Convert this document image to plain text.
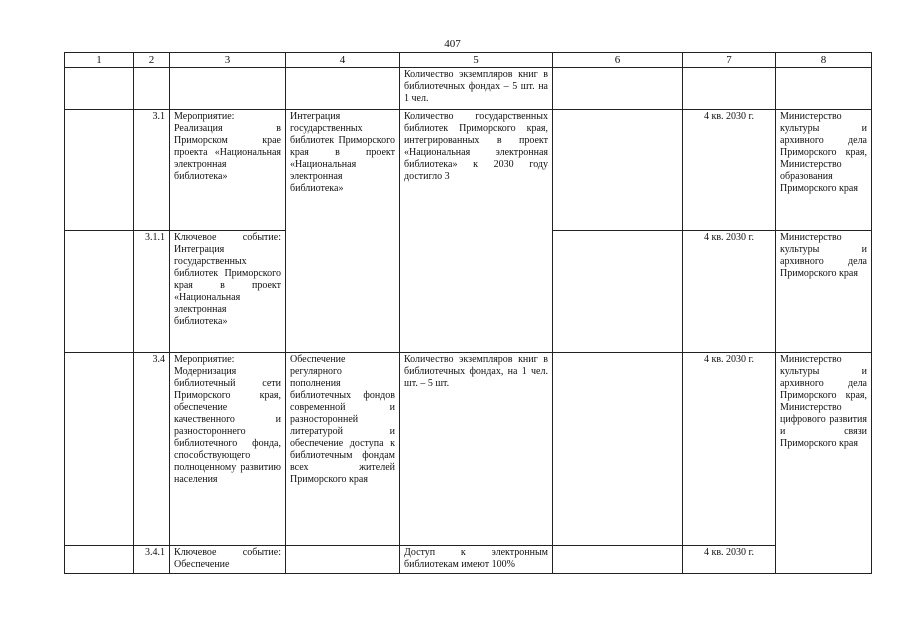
407
1	2	3	4	5	6	7	8
				Количество экземпляров книг в библиотечных фондах – 5 шт. на 1 чел.			
	3.1	Мероприятие: Реализация в Приморском крае проекта «Национальная электронная библиотека»	Интеграция государственных библиотек Приморского края в проект «Национальная электронная библиотека»	Количество государственных библиотек Приморского края, интегрированных в проект «Национальная электронная библиотека» к 2030 году достигло 3		4 кв. 2030 г.	Министерство культуры и архивного дела Приморского края, Министерство образования Приморского края
	3.1.1	Ключевое событие: Интеграция государственных библиотек Приморского края в проект «Национальная электронная библиотека»				4 кв. 2030 г.	Министерство культуры и архивного дела Приморского края
	3.4	Мероприятие: Модернизация библиотечный сети Приморского края, обеспечение качественного и разностороннего библиотечного фонда, способствующего полноценному развитию населения	Обеспечение регулярного пополнения библиотечных фондов современной и разносторонней литературой и обеспечение доступа к библиотечным фондам всех жителей Приморского края	Количество экземпляров книг в библиотечных фондах, на 1 чел. шт. – 5 шт.		4 кв. 2030 г.	Министерство культуры и архивного дела Приморского края, Министерство цифрового развития и связи Приморского края
	3.4.1	Ключевое событие: Обеспечение		Доступ к электронным библиотекам имеют 100%		4 кв. 2030 г.	
